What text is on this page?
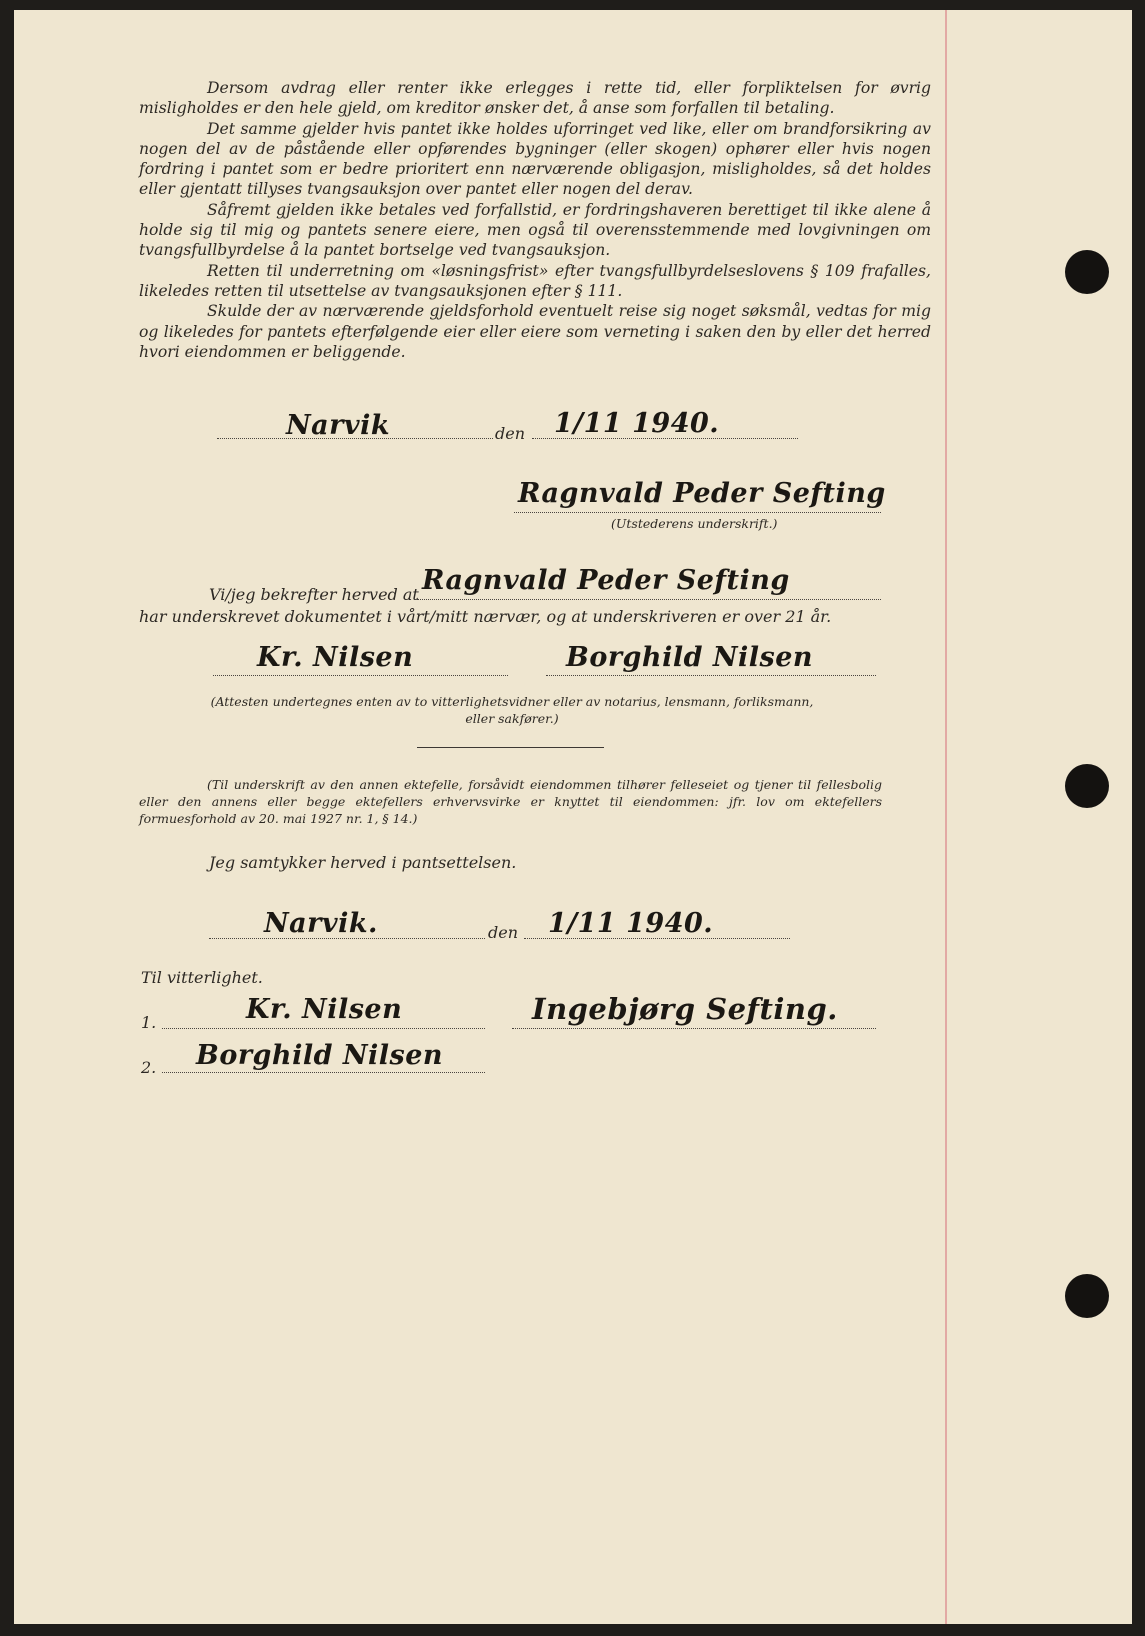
Dersom avdrag eller renter ikke erlegges i rette tid, eller forpliktelsen for øvrig misligholdes er den hele gjeld, om kreditor ønsker det, å anse som forfallen til betaling.

Det samme gjelder hvis pantet ikke holdes uforringet ved like, eller om brandforsikring av nogen del av de påstående eller opførendes bygninger (eller skogen) ophører eller hvis nogen fordring i pantet som er bedre prioritert enn nærværende obligasjon, misligholdes, så det holdes eller gjentatt tillyses tvangsauksjon over pantet eller nogen del derav.

Såfremt gjelden ikke betales ved forfallstid, er fordringshaveren berettiget til ikke alene å holde sig til mig og pantets senere eiere, men også til overensstemmende med lovgivningen om tvangsfullbyrdelse å la pantet bortselge ved tvangsauksjon.

Retten til underretning om «løsningsfrist» efter tvangsfullbyrdelseslovens § 109 frafalles, likeledes retten til utsettelse av tvangsauksjonen efter § 111.

Skulde der av nærværende gjeldsforhold eventuelt reise sig noget søksmål, vedtas for mig og likeledes for pantets efterfølgende eier eller eiere som verneting i saken den by eller det herred hvori eiendommen er beliggende.

Narvik	den 1/11 1940.
Ragnvald Peder Sefting
(Utstederens underskrift.)
Vi/jeg bekrefter herved at Ragnvald Peder Sefting
har underskrevet dokumentet i vårt/mitt nærvær, og at underskriveren er over 21 år.
Kr. Nilsen	Borghild Nilsen
(Attesten undertegnes enten av to vitterlighetsvidner eller av notarius, lensmann, forliksmann, eller sakfører.)
(Til underskrift av den annen ektefelle, forsåvidt eiendommen tilhører felleseiet og tjener til fellesbolig eller den annens eller begge ektefellers erhvervsvirke er knyttet til eiendommen: jfr. lov om ektefellers formuesforhold av 20. mai 1927 nr. 1, § 14.)
Jeg samtykker herved i pantsettelsen.
Narvik.	den 1/11 1940.
Til vitterlighet.
1.	Kr. Nilsen	Ingebjørg Sefting.
2. Borghild Nilsen
